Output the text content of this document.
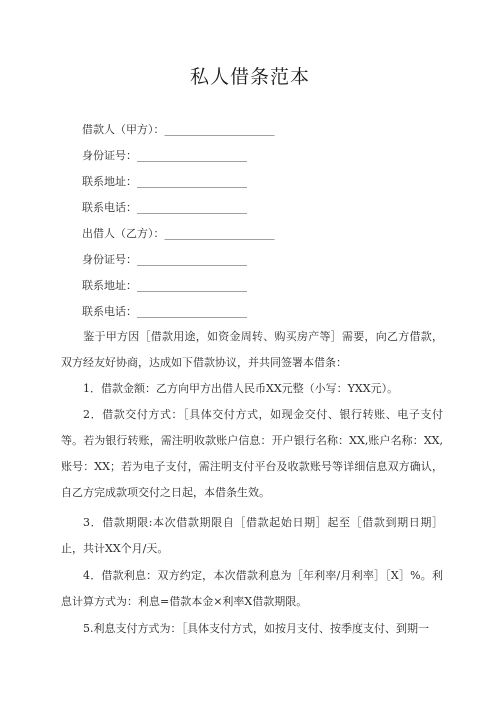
私人借条范本
借款人（甲方）：____________________
身份证号：____________________
联系地址：____________________
联系电话：____________________
出借人（乙方）：____________________
身份证号：____________________
联系地址：____________________
联系电话：____________________
鉴于甲方因［借款用途，如资金周转、购买房产等］需要，向乙方借款，双方经友好协商，达成如下借款协议，并共同签署本借条：
1．借款金额：乙方向甲方出借人民币XX元整（小写：YXX元）。
2．借款交付方式：［具体交付方式，如现金交付、银行转账、电子支付等。若为银行转账，需注明收款账户信息：开户银行名称：XX,账户名称：XX,账号：XX；若为电子支付，需注明支付平台及收款账号等详细信息双方确认，自乙方完成款项交付之日起，本借条生效。
3．借款期限:本次借款期限自［借款起始日期］起至［借款到期日期］止，共计XX个月/天。
4．借款利息：双方约定，本次借款利息为［年利率/月利率］［X］%。利息计算方式为：利息=借款本金×利率X借款期限。
5.利息支付方式为：［具体支付方式，如按月支付、按季度支付、到期一
